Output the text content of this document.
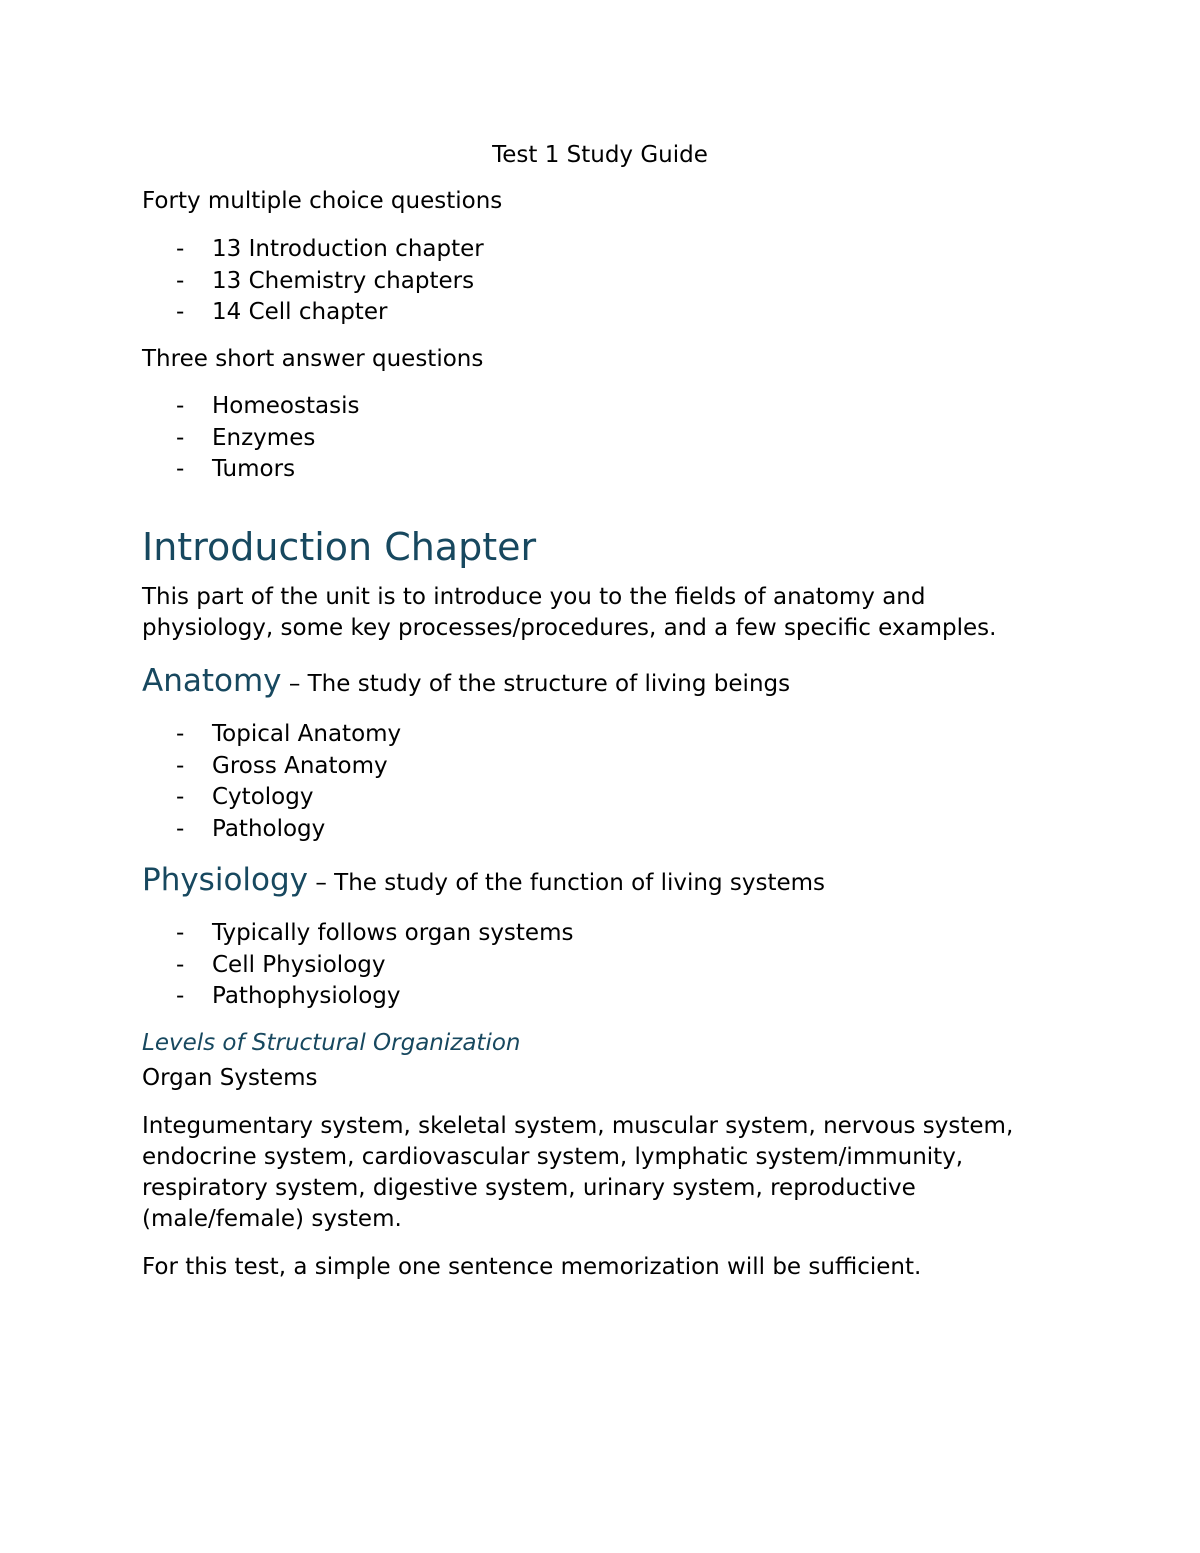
Test 1 Study Guide
Forty multiple choice questions
- 13 Introduction chapter
- 13 Chemistry chapters
- 14 Cell chapter
Three short answer questions
- Homeostasis
- Enzymes
- Tumors
Introduction Chapter
This part of the unit is to introduce you to the fields of anatomy and physiology, some key processes/procedures, and a few specific examples.
Anatomy – The study of the structure of living beings
- Topical Anatomy
- Gross Anatomy
- Cytology
- Pathology
Physiology – The study of the function of living systems
- Typically follows organ systems
- Cell Physiology
- Pathophysiology
Levels of Structural Organization
Organ Systems
Integumentary system, skeletal system, muscular system, nervous system, endocrine system, cardiovascular system, lymphatic system/immunity, respiratory system, digestive system, urinary system, reproductive (male/female) system.
For this test, a simple one sentence memorization will be sufficient.
